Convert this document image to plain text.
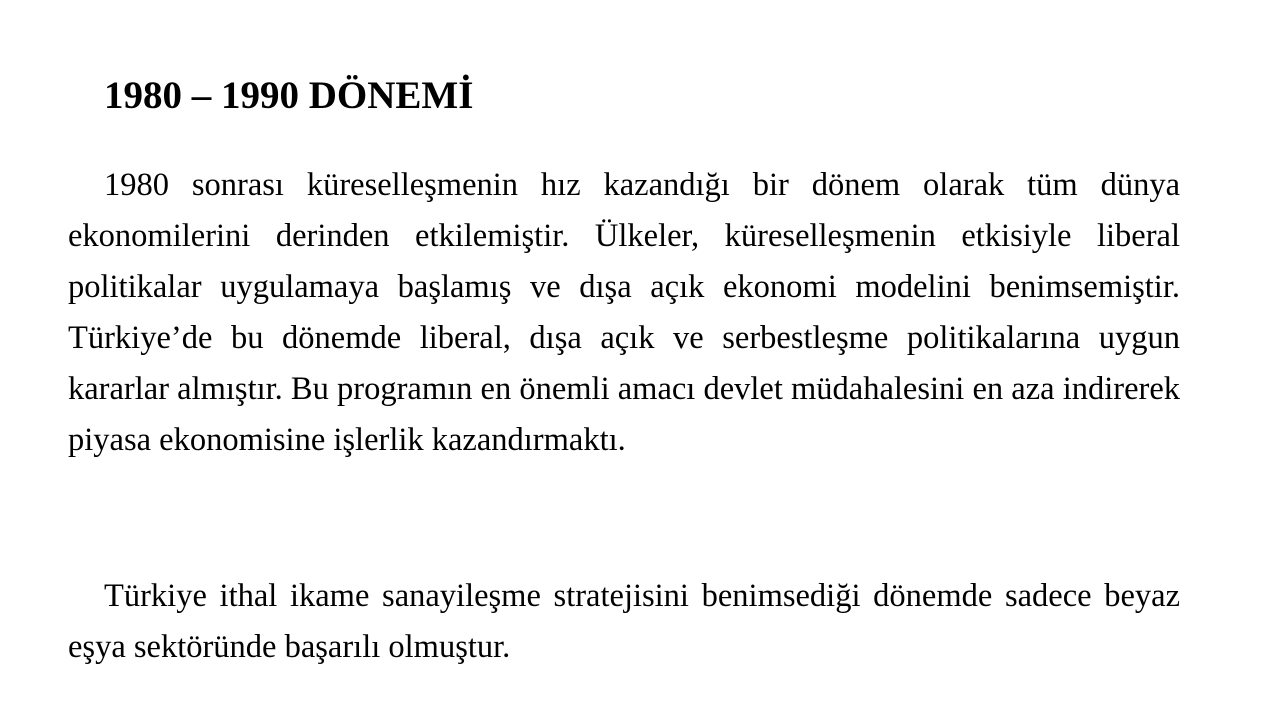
1980 – 1990 DÖNEMİ

1980 sonrası küreselleşmenin hız kazandığı bir dönem olarak tüm dünya ekonomilerini derinden etkilemiştir. Ülkeler, küreselleşmenin etkisiyle liberal politikalar uygulamaya başlamış ve dışa açık ekonomi modelini benimsemiştir. Türkiye’de bu dönemde liberal, dışa açık ve serbestleşme politikalarına uygun kararlar almıştır. Bu programın en önemli amacı devlet müdahalesini en aza indirerek piyasa ekonomisine işlerlik kazandırmaktı.

Türkiye ithal ikame sanayileşme stratejisini benimsediği dönemde sadece beyaz eşya sektöründe başarılı olmuştur.
